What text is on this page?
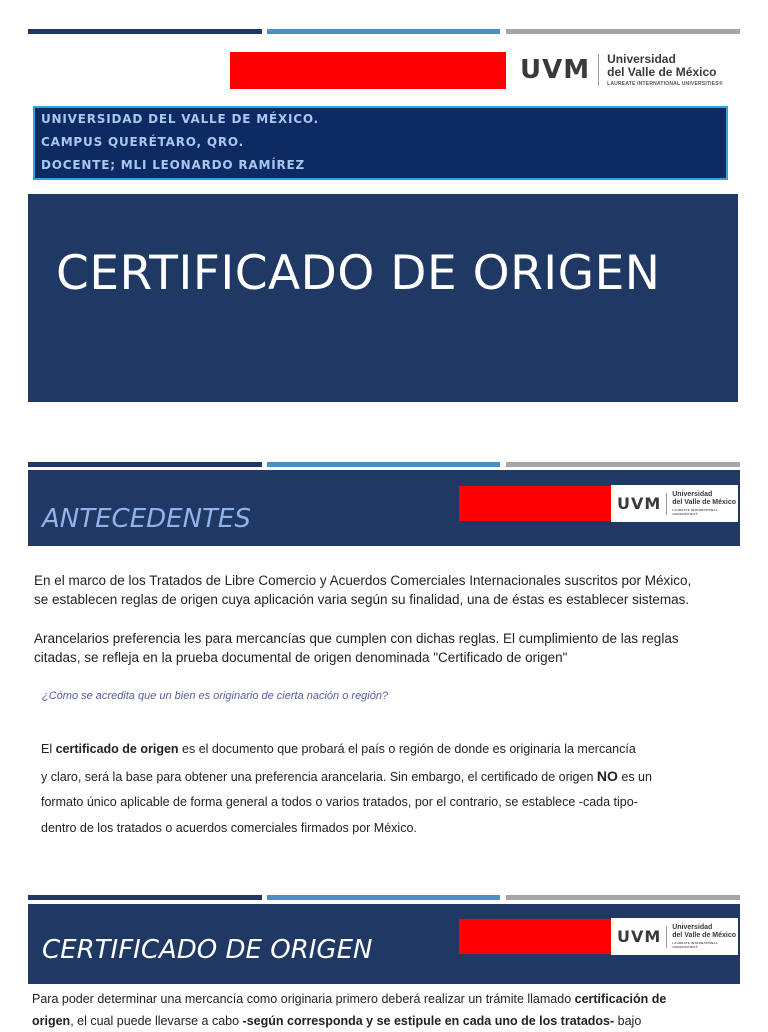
UVM Universidad
del Valle de México
LAUREATE INTERNATIONAL UNIVERSITIES®
UNIVERSIDAD DEL VALLE DE MÉXICO.
CAMPUS QUERÉTARO, QRO.
DOCENTE; MLI LEONARDO RAMÍREZ
CERTIFICADO DE ORIGEN
ANTECEDENTES
UVM Universidad
del Valle de México
LAUREATE INTERNATIONAL UNIVERSITIES®
En el marco de los Tratados de Libre Comercio y Acuerdos Comerciales Internacionales suscritos por México,
se establecen reglas de origen cuya aplicación varia según su finalidad, una de éstas es establecer sistemas.
Arancelarios preferencia les para mercancías que cumplen con dichas reglas. El cumplimiento de las reglas
citadas, se refleja en la prueba documental de origen denominada "Certificado de origen"
¿Cómo se acredita que un bien es originario de cierta nación o región?
El certificado de origen es el documento que probará el país o región de donde es originaria la mercancía
y claro, será la base para obtener una preferencia arancelaria. Sin embargo, el certificado de origen NO es un
formato único aplicable de forma general a todos o varios tratados, por el contrario, se establece -cada tipo-
dentro de los tratados o acuerdos comerciales firmados por México.
CERTIFICADO DE ORIGEN	UVM Universidad
del Valle de México
LAUREATE INTERNATIONAL UNIVERSITIES®
Para poder determinar una mercancía como originaria primero deberá realizar un trámite llamado certificación de
origen, el cual puede llevarse a cabo -según corresponda y se estipule en cada uno de los tratados- bajo
